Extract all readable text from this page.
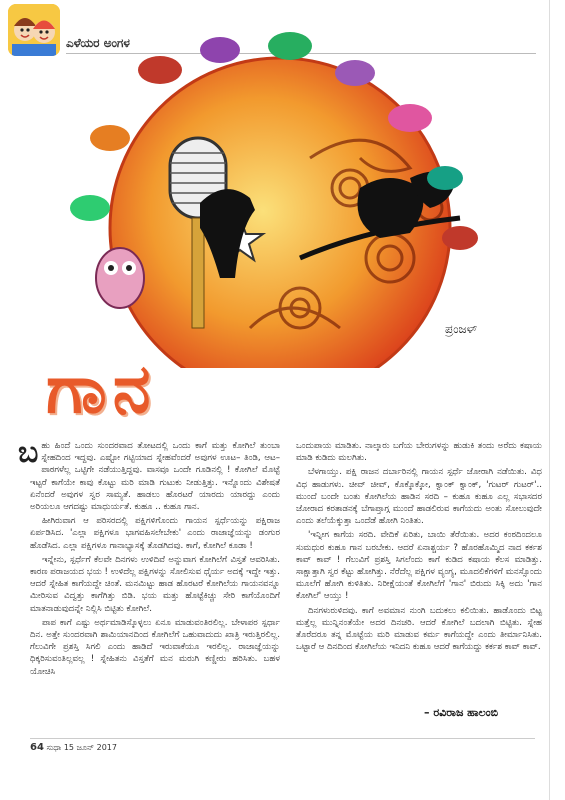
ಎಳೆಯರ ಅಂಗಳ
ಪ್ರಂಜಳ್
ಗಾನ

ಬಹು ಹಿಂದೆ ಒಂದು ಸುಂದರವಾದ ತೋಟದಲ್ಲಿ ಒಂದು ಕಾಗೆ ಮತ್ತು ಕೋಗಿಲೆ ತುಂಬಾ ಸ್ನೇಹದಿಂದ ಇದ್ದವು. ಎಷ್ಟೋ ಗಟ್ಟಿಯಾದ ಸ್ನೇಹವೆಂದರೆ ಅವುಗಳ ಊಟ– ತಿಂಡಿ, ಆಟ– ಪಾಠಗಳೆಲ್ಲ ಒಟ್ಟಿಗೇ ನಡೆಯುತ್ತಿದ್ದವು. ವಾಸವೂ ಒಂದೇ ಗೂಡಿನಲ್ಲಿ ! ಕೋಗಿಲೆ ಮೊಟ್ಟೆ ಇಟ್ಟರೆ ಕಾಗೆಯೇ ಕಾವು ಕೊಟ್ಟು ಮರಿ ಮಾಡಿ ಗುಟುಕು ನೀಡುತ್ತಿತ್ತು. ಇನ್ನೊಂದು ವಿಶೇಷತೆ ಏನೆಂದರೆ ಅವುಗಳ ಸ್ವರ ಸಾಮ್ಯತೆ. ಹಾಡಲು ಹೊರಟರೆ ಯಾರದು ಯಾರದ್ದು ಎಂದು ಅರಿಯಲೂ ಆಗದಷ್ಟು ಮಾಧುರ್ಯತೆ. ಕುಹೂ .. ಕುಹೂ ಗಾನ.

ಹೀಗಿರುವಾಗ ಆ ಪರಿಸರದಲ್ಲಿ ಪಕ್ಷಿಗಳಿಗೊಂದು ಗಾಯನ ಸ್ಪರ್ಧೆಯನ್ನು ಪಕ್ಷಿರಾಜ ಏರ್ಪಡಿಸಿದ. 'ಎಲ್ಲಾ ಪಕ್ಷಿಗಳೂ ಭಾಗವಹಿಸಲೇಬೇಕು' ಎಂದು ರಾಜಾಜ್ಞೆಯನ್ನು ಡಂಗುರ ಹೊಡೆಸಿದ. ಎಲ್ಲಾ ಪಕ್ಷಿಗಳೂ ಗಾನಾಭ್ಯಾಸಕ್ಕೆ ತೊಡಗಿದವು. ಕಾಗೆ, ಕೋಗಿಲೆ ಕೂಡಾ !

ಇನ್ನೇನು, ಸ್ಪರ್ಧೆಗೆ ಕೆಲವೇ ದಿನಗಳು ಉಳಿದಿವೆ ಅನ್ನುವಾಗ ಕೋಗಿಲೆಗೆ ವಿಸ್ತತೆ ಆವರಿಸಿತು. ಕಾರಣ ಪರಾಜಯದ ಭಯ ! ಉಳಿದೆಲ್ಲ ಪಕ್ಷಿಗಳನ್ನು ಸೋಲಿಸುವ ಧೈರ್ಯ ಅದಕ್ಕೆ ಇದ್ದೇ ಇತ್ತು. ಆದರೆ ಸ್ನೇಹಿತ ಕಾಗೆಯದ್ದೇ ಚಿಂತೆ. ಮನಮಿಟ್ಟು ಹಾಡ ಹೊರಟರೆ ಕೋಗಿಲೆಯ ಗಾಯನವನ್ನೂ ಮೀರಿಸುವ ವಿದ್ವತ್ತು ಕಾಗೆಗಿತ್ತು ಬಿಡಿ. ಭಯ ಮತ್ತು ಹೊಟ್ಟೆಕಿಚ್ಚು ಸೇರಿ ಕಾಗೆಯೊಂದಿಗೆ ಮಾತನಾಡುವುದನ್ನೇ ನಿಲ್ಲಿಸಿ ಬಿಟ್ಟಿತು ಕೋಗಿಲೆ.

ಪಾಪ ಕಾಗೆ ಎಷ್ಟು ಅರ್ಥಮಾಡಿಸ್ಕೊಳ್ಳಲು ಏನೂ ಮಾಡುವಂತಿರಲಿಲ್ಲ. ಬೇಳಾಪರ ಸ್ಪರ್ಧಾ ದಿನ. ಅತ್ತೇ ಸುಂದರವಾಗಿ ಶಾಮಿಯಾನದಿಂದ ಕೋಗಿಲೆಗೆ ಒಹುವಾದುದು ಖಾತ್ರಿ ಇರುತ್ತಿರಲಿಲ್ಲ. ಗೆಲುವಿಗೇ ಪ್ರಶಸ್ತಿ ಸಿಗಲಿ ಎಂದು ಹಾಡಿದೆ ಇರುವಾಕೆಯೂ ಇರಲಿಲ್ಲ. ರಾಜಾಜ್ಞೆಯನ್ನು ಧಿಕ್ಕರಿಸುವಂತಿಲ್ಲವಲ್ಲ ! ಸ್ನೇಹಿತನು ವಿಸ್ತತೆಗೆ ಮನ ಮರುಗಿ ಕಣ್ಣೀರು ಹರಿಸಿತು. ಬಹಳ ಯೋಚಿಸಿ

ಒಂದುಪಾಯ ಮಾಡಿತು. ನಾಲ್ಕಾರು ಬಗೆಯ ಬೇರುಗಳನ್ನು ಹುಡುಕಿ ತಂದು ಅರೆದು ಕಷಾಯ ಮಾಡಿ ಕುಡಿದು ಮಲಗಿತು.

ಬೆಳಗಾಯ್ತು. ಪಕ್ಷಿ ರಾಜನ ದರ್ಬಾರಿನಲ್ಲಿ ಗಾಯನ ಸ್ಪರ್ಧೆ ಜೋರಾಗಿ ನಡೆಯಿತು. ವಿಧ ವಿಧ ಹಾಡುಗಳು. ಚೀವ್ ಚೀವ್, ಕೊಕ್ಕೊಕ್ಕೋ, ಕ್ವಾಂಕ್ ಕ್ವಾಂಕ್, 'ಗುಟರ್ ಗುಟರ್'.. ಮುಂದೆ ಬಂದೇ ಬಂತು ಕೋಗಿಲೆಯ ಹಾಡಿನ ಸರದಿ – ಕುಹೂ ಕುಹೂ ಎಲ್ಲ ಸಭಾಸದರ ಜೋರಾದ ಕರತಾಡನಕ್ಕೆ ಬೆಗಾಪ್ತಾಗ್ಗ ಮುಂದೆ ಹಾಡಲಿರುವ ಕಾಗೆಯದು ಅಂತು ಸೋಲುವುದೇ ಎಂದು ತಲೆಯೆಕ್ಕುತ್ತಾ ಒಂದೆಡೆ ಹೋಗಿ ನಿಂತಿತು.

'ಇನ್ನೀಗ ಕಾಗೆಯ ಸರದಿ. ವೇದಿಕೆ ಏರಿತು, ಬಾಯಿ ತೆರೆಯಿತು. ಅದರ ಕಂಠದಿಂದಲೂ ಸುಮಧುರ ಕುಹೂ ಗಾನ ಬರಬೇಕು. ಆದರೆ ಏನಾಶ್ಚರ್ಯ ? ಹೊರಹೊಮ್ಮಿದ ನಾದ ಕರ್ಕಶ ಕಾವ್ ಕಾವ್ ! ಗೆಲುವಿಗೆ ಪ್ರಶಸ್ತಿ ಸಿಗಲೆಂದು ಕಾಗೆ ಕುಡಿದ ಕಷಾಯ ಕೆಲಸ ಮಾಡಿತ್ತು. ಸಾಕ್ಷಾತ್ತಾಗಿ ಸ್ವರ ಕೆಟ್ಟು ಹೋಗಿತ್ತು. ನೆರೆದೆಲ್ಲ ಪಕ್ಷಿಗಳ ವ್ಯಂಗ್ಯ, ಮೂದಲಿಕೆಗಳಿಗೆ ಮನಸ್ಸೊಂದು ಮೂಲೆಗೆ ಹೋಗಿ ಕುಳಿತಿತು. ನಿರೀಕ್ಷೆಯಂತೆ ಕೋಗಿಲೆಗೆ 'ಗಾನ' ಬಿರುದು ಸಿಕ್ಕಿ ಅದು 'ಗಾನ ಕೋಗಿಲೆ' ಆಯ್ತು !

ದಿನಗಳುರುಳಿದವು. ಕಾಗೆ ಅವಮಾನ ನುಂಗಿ ಬದುಕಲು ಕಲಿಯಿತು. ಹಾಡೊಂದು ಬಿಟ್ಟ ಮತ್ತೆಲ್ಲ ಮುನ್ನಿನಂತೆಯೇ ಅದರ ದಿನಚರಿ. ಆದರೆ ಕೋಗಿಲೆ ಬದಲಾಗಿ ಬಿಟ್ಟಿತು. ಸ್ನೇಹ ತೊರೆದರೂ ತನ್ನ ಮೊಟ್ಟೆಯ ಮರಿ ಮಾಡುವ ಕರ್ಮ ಕಾಗೆಯದ್ದೇ ಎಂದು ತೀರ್ಮಾನಿಸಿತು. ಒಟ್ಟಾರೆ ಆ ದಿನದಿಂದ ಕೋಗಿಲೆಯ ಇನಿದನಿ ಕುಹೂ ಆದರೆ ಕಾಗೆಯದ್ದು ಕರ್ಕಶ ಕಾವ್ ಕಾವ್.

– ರವಿರಾಜ ಹಾಲಂಬಿ
64 ಸುಧಾ 15 ಜೂನ್ 2017
